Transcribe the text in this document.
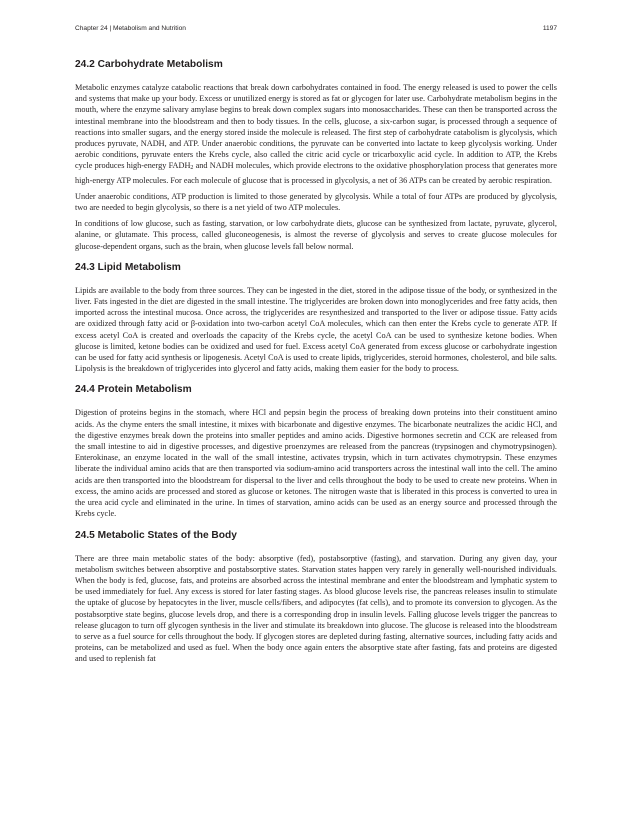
Chapter 24 | Metabolism and Nutrition	1197
24.2 Carbohydrate Metabolism

Metabolic enzymes catalyze catabolic reactions that break down carbohydrates contained in food. The energy released is used to power the cells and systems that make up your body. Excess or unutilized energy is stored as fat or glycogen for later use. Carbohydrate metabolism begins in the mouth, where the enzyme salivary amylase begins to break down complex sugars into monosaccharides. These can then be transported across the intestinal membrane into the bloodstream and then to body tissues. In the cells, glucose, a six-carbon sugar, is processed through a sequence of reactions into smaller sugars, and the energy stored inside the molecule is released. The first step of carbohydrate catabolism is glycolysis, which produces pyruvate, NADH, and ATP. Under anaerobic conditions, the pyruvate can be converted into lactate to keep glycolysis working. Under aerobic conditions, pyruvate enters the Krebs cycle, also called the citric acid cycle or tricarboxylic acid cycle. In addition to ATP, the Krebs cycle produces high-energy $FADH_2$ and NADH molecules, which provide electrons to the oxidative phosphorylation process that generates more high-energy ATP molecules. For each molecule of glucose that is processed in glycolysis, a net of 36 ATPs can be created by aerobic respiration.

Under anaerobic conditions, ATP production is limited to those generated by glycolysis. While a total of four ATPs are produced by glycolysis, two are needed to begin glycolysis, so there is a net yield of two ATP molecules.

In conditions of low glucose, such as fasting, starvation, or low carbohydrate diets, glucose can be synthesized from lactate, pyruvate, glycerol, alanine, or glutamate. This process, called gluconeogenesis, is almost the reverse of glycolysis and serves to create glucose molecules for glucose-dependent organs, such as the brain, when glucose levels fall below normal.

24.3 Lipid Metabolism

Lipids are available to the body from three sources. They can be ingested in the diet, stored in the adipose tissue of the body, or synthesized in the liver. Fats ingested in the diet are digested in the small intestine. The triglycerides are broken down into monoglycerides and free fatty acids, then imported across the intestinal mucosa. Once across, the triglycerides are resynthesized and transported to the liver or adipose tissue. Fatty acids are oxidized through fatty acid or β-oxidation into two-carbon acetyl CoA molecules, which can then enter the Krebs cycle to generate ATP. If excess acetyl CoA is created and overloads the capacity of the Krebs cycle, the acetyl CoA can be used to synthesize ketone bodies. When glucose is limited, ketone bodies can be oxidized and used for fuel. Excess acetyl CoA generated from excess glucose or carbohydrate ingestion can be used for fatty acid synthesis or lipogenesis. Acetyl CoA is used to create lipids, triglycerides, steroid hormones, cholesterol, and bile salts. Lipolysis is the breakdown of triglycerides into glycerol and fatty acids, making them easier for the body to process.

24.4 Protein Metabolism

Digestion of proteins begins in the stomach, where HCl and pepsin begin the process of breaking down proteins into their constituent amino acids. As the chyme enters the small intestine, it mixes with bicarbonate and digestive enzymes. The bicarbonate neutralizes the acidic HCl, and the digestive enzymes break down the proteins into smaller peptides and amino acids. Digestive hormones secretin and CCK are released from the small intestine to aid in digestive processes, and digestive proenzymes are released from the pancreas (trypsinogen and chymotrypsinogen). Enterokinase, an enzyme located in the wall of the small intestine, activates trypsin, which in turn activates chymotrypsin. These enzymes liberate the individual amino acids that are then transported via sodium-amino acid transporters across the intestinal wall into the cell. The amino acids are then transported into the bloodstream for dispersal to the liver and cells throughout the body to be used to create new proteins. When in excess, the amino acids are processed and stored as glucose or ketones. The nitrogen waste that is liberated in this process is converted to urea in the urea acid cycle and eliminated in the urine. In times of starvation, amino acids can be used as an energy source and processed through the Krebs cycle.

24.5 Metabolic States of the Body

There are three main metabolic states of the body: absorptive (fed), postabsorptive (fasting), and starvation. During any given day, your metabolism switches between absorptive and postabsorptive states. Starvation states happen very rarely in generally well-nourished individuals. When the body is fed, glucose, fats, and proteins are absorbed across the intestinal membrane and enter the bloodstream and lymphatic system to be used immediately for fuel. Any excess is stored for later fasting stages. As blood glucose levels rise, the pancreas releases insulin to stimulate the uptake of glucose by hepatocytes in the liver, muscle cells/fibers, and adipocytes (fat cells), and to promote its conversion to glycogen. As the postabsorptive state begins, glucose levels drop, and there is a corresponding drop in insulin levels. Falling glucose levels trigger the pancreas to release glucagon to turn off glycogen synthesis in the liver and stimulate its breakdown into glucose. The glucose is released into the bloodstream to serve as a fuel source for cells throughout the body. If glycogen stores are depleted during fasting, alternative sources, including fatty acids and proteins, can be metabolized and used as fuel. When the body once again enters the absorptive state after fasting, fats and proteins are digested and used to replenish fat
